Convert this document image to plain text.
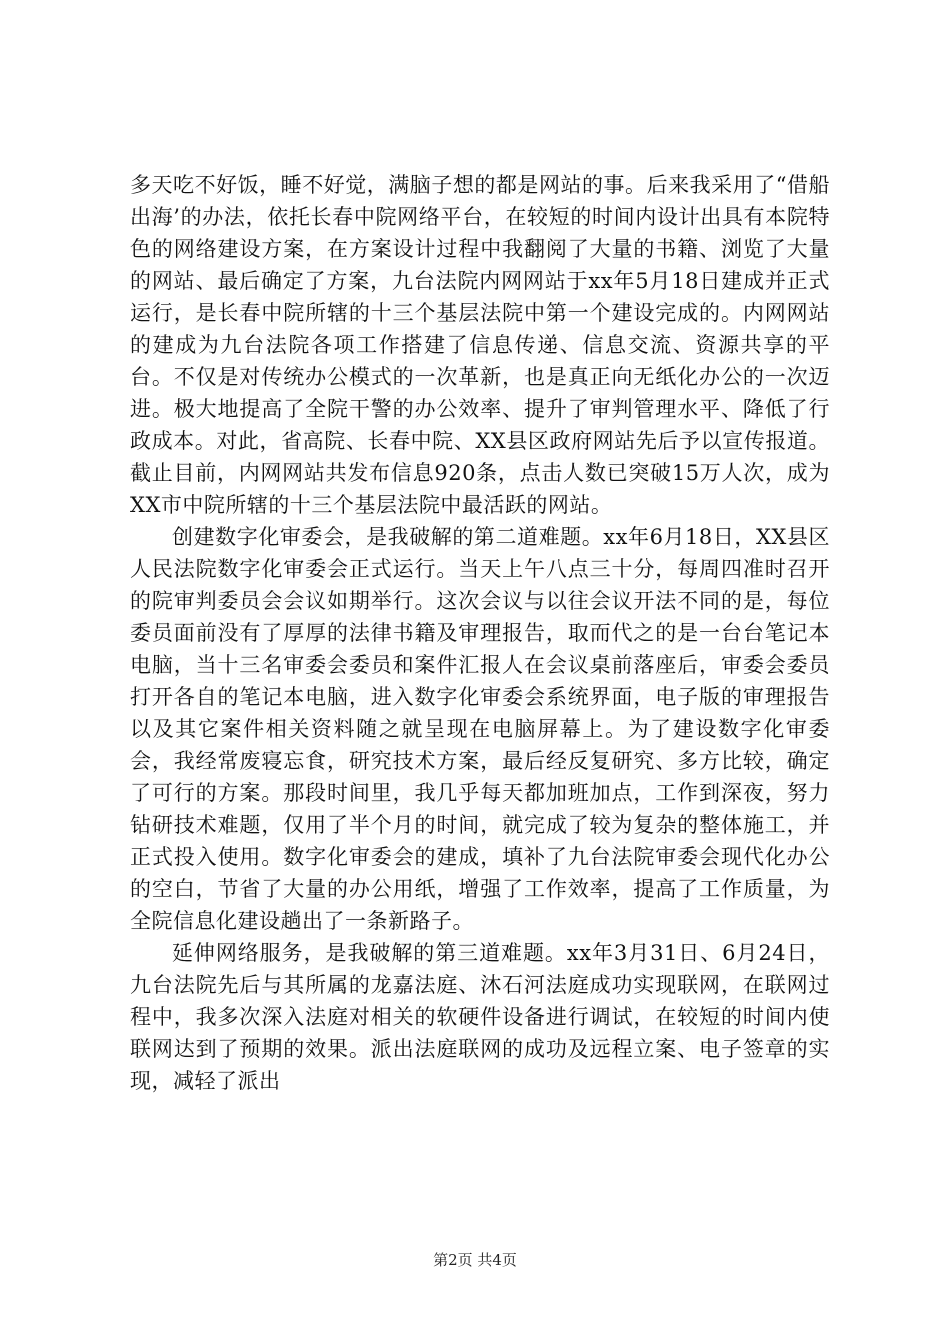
多天吃不好饭，睡不好觉，满脑子想的都是网站的事。后来我采用了“借船出海’的办法，依托长春中院网络平台，在较短的时间内设计出具有本院特色的网络建设方案，在方案设计过程中我翻阅了大量的书籍、浏览了大量的网站、最后确定了方案，九台法院内网网站于xx年5月18日建成并正式运行，是长春中院所辖的十三个基层法院中第一个建设完成的。内网网站的建成为九台法院各项工作搭建了信息传递、信息交流、资源共享的平台。不仅是对传统办公模式的一次革新，也是真正向无纸化办公的一次迈进。极大地提高了全院干警的办公效率、提升了审判管理水平、降低了行政成本。对此，省高院、长春中院、XX县区政府网站先后予以宣传报道。截止目前，内网网站共发布信息920条，点击人数已突破15万人次，成为XX市中院所辖的十三个基层法院中最活跃的网站。

创建数字化审委会，是我破解的第二道难题。xx年6月18日，XX县区人民法院数字化审委会正式运行。当天上午八点三十分，每周四准时召开的院审判委员会会议如期举行。这次会议与以往会议开法不同的是，每位委员面前没有了厚厚的法律书籍及审理报告，取而代之的是一台台笔记本电脑，当十三名审委会委员和案件汇报人在会议桌前落座后，审委会委员打开各自的笔记本电脑，进入数字化审委会系统界面，电子版的审理报告以及其它案件相关资料随之就呈现在电脑屏幕上。为了建设数字化审委会，我经常废寝忘食，研究技术方案，最后经反复研究、多方比较，确定了可行的方案。那段时间里，我几乎每天都加班加点，工作到深夜，努力钻研技术难题，仅用了半个月的时间，就完成了较为复杂的整体施工，并正式投入使用。数字化审委会的建成，填补了九台法院审委会现代化办公的空白，节省了大量的办公用纸，增强了工作效率，提高了工作质量，为全院信息化建设趟出了一条新路子。

延伸网络服务，是我破解的第三道难题。xx年3月31日、6月24日，九台法院先后与其所属的龙嘉法庭、沐石河法庭成功实现联网，在联网过程中，我多次深入法庭对相关的软硬件设备进行调试，在较短的时间内使联网达到了预期的效果。派出法庭联网的成功及远程立案、电子签章的实现，减轻了派出

第2页 共4页
